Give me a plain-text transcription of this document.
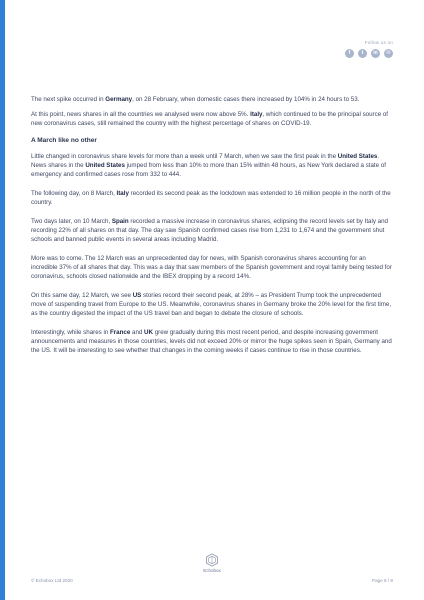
Follow us on
f	t	in	✉

The next spike occurred in Germany, on 28 February, when domestic cases there increased by 104% in 24 hours to 53.

At this point, news shares in all the countries we analysed were now above 5%. Italy, which continued to be the principal source of new coronavirus cases, still remained the country with the highest percentage of shares on COVID-19.

A March like no other

Little changed in coronavirus share levels for more than a week until 7 March, when we saw the first peak in the United States. News shares in the United States jumped from less than 10% to more than 15% within 48 hours, as New York declared a state of emergency and confirmed cases rose from 332 to 444.

The following day, on 8 March, Italy recorded its second peak as the lockdown was extended to 16 million people in the north of the country.

Two days later, on 10 March, Spain recorded a massive increase in coronavirus shares, eclipsing the record levels set by Italy and recording 22% of all shares on that day. The day saw Spanish confirmed cases rise from 1,231 to 1,674 and the government shut schools and banned public events in several areas including Madrid.

More was to come. The 12 March was an unprecedented day for news, with Spanish coronavirus shares accounting for an incredible 37% of all shares that day. This was a day that saw members of the Spanish government and royal family being tested for coronavirus, schools closed nationwide and the IBEX dropping by a record 14%.

On this same day, 12 March, we see US stories record their second peak, at 28% – as President Trump took the unprecedented move of suspending travel from Europe to the US. Meanwhile, coronavirus shares in Germany broke the 20% level for the first time, as the country digested the impact of the US travel ban and began to debate the closure of schools.

Interestingly, while shares in France and UK grew gradually during this most recent period, and despite increasing government announcements and measures in those countries, levels did not exceed 20% or mirror the huge spikes seen in Spain, Germany and the US. It will be interesting to see whether that changes in the coming weeks if cases continue to rise in those countries.

Echobox
© Echobox Ltd 2020	Page 6 / 9
